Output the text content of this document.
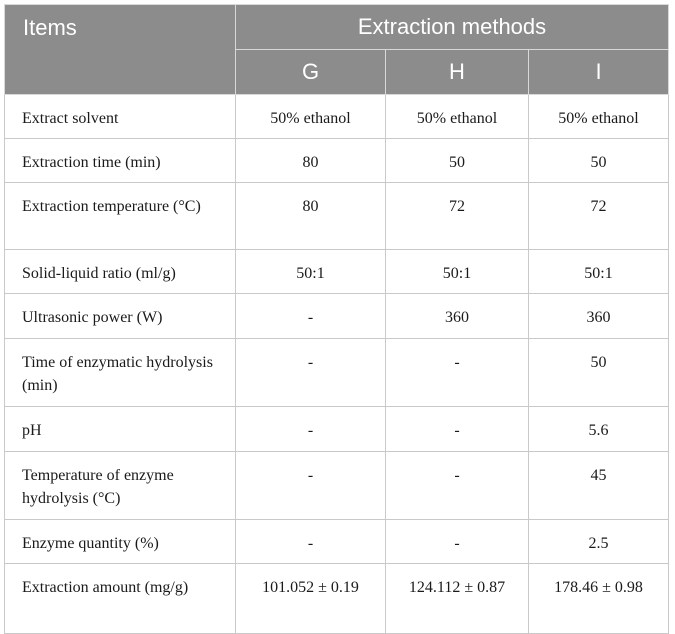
Items	Extraction methods		
	G	H	I
Extract solvent	50% ethanol	50% ethanol	50% ethanol
Extraction time (min)	80	50	50
Extraction temperature (°C)	80	72	72
Solid-liquid ratio (ml/g)	50:1	50:1	50:1
Ultrasonic power (W)	-	360	360
Time of enzymatic hydrolysis (min)	-	-	50
pH	-	-	5.6
Temperature of enzyme hydrolysis (°C)	-	-	45
Enzyme quantity (%)	-	-	2.5
Extraction amount (mg/g)	101.052 ± 0.19	124.112 ± 0.87	178.46 ± 0.98
